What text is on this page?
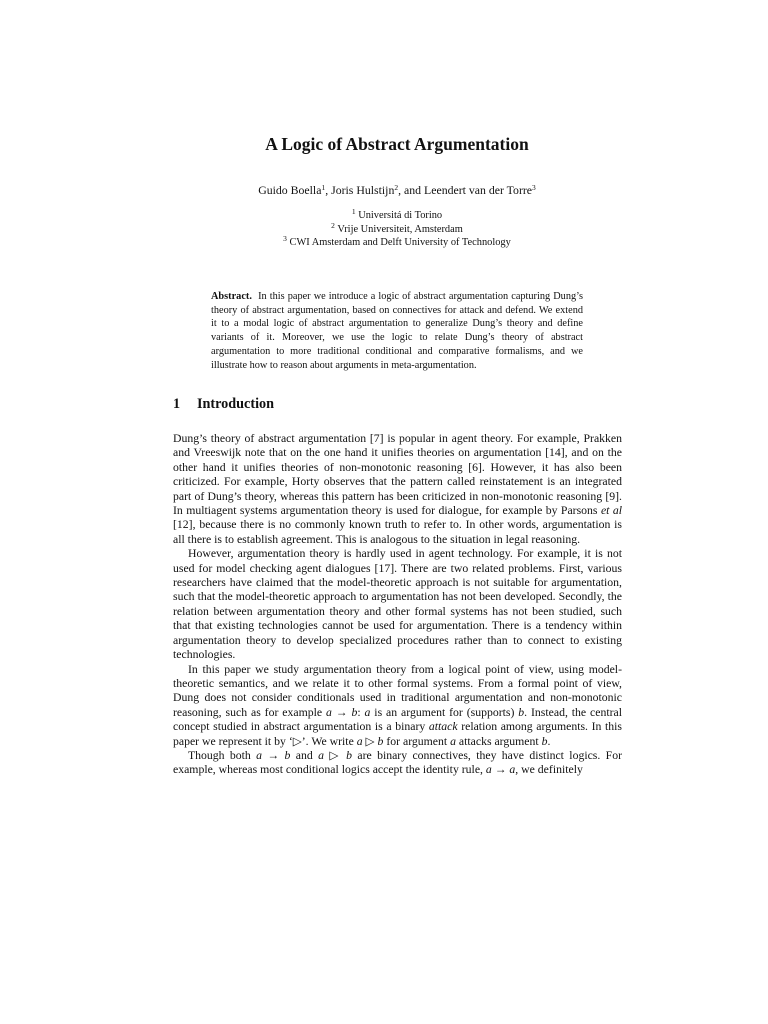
A Logic of Abstract Argumentation

Guido Boella$^1$, Joris Hulstijn$^2$, and Leendert van der Torre$^3$

$^1$ Universitá di Torino

$^2$ Vrije Universiteit, Amsterdam

$^3$ CWI Amsterdam and Delft University of Technology

Abstract. In this paper we introduce a logic of abstract argumentation capturing Dung’s theory of abstract argumentation, based on connectives for attack and defend. We extend it to a modal logic of abstract argumentation to generalize Dung’s theory and define variants of it. Moreover, we use the logic to relate Dung’s theory of abstract argumentation to more traditional conditional and comparative formalisms, and we illustrate how to reason about arguments in meta-argumentation.

1 Introduction

Dung’s theory of abstract argumentation [7] is popular in agent theory. For example, Prakken and Vreeswijk note that on the one hand it unifies theories on argumentation [14], and on the other hand it unifies theories of non-monotonic reasoning [6]. However, it has also been criticized. For example, Horty observes that the pattern called reinstatement is an integrated part of Dung’s theory, whereas this pattern has been criticized in non-monotonic reasoning [9]. In multiagent systems argumentation theory is used for dialogue, for example by Parsons et al [12], because there is no commonly known truth to refer to. In other words, argumentation is all there is to establish agreement. This is analogous to the situation in legal reasoning.

However, argumentation theory is hardly used in agent technology. For example, it is not used for model checking agent dialogues [17]. There are two related problems. First, various researchers have claimed that the model-theoretic approach is not suitable for argumentation, such that the model-theoretic approach to argumentation has not been developed. Secondly, the relation between argumentation theory and other formal systems has not been studied, such that that existing technologies cannot be used for argumentation. There is a tendency within argumentation theory to develop specialized procedures rather than to connect to existing technologies.

In this paper we study argumentation theory from a logical point of view, using model-theoretic semantics, and we relate it to other formal systems. From a formal point of view, Dung does not consider conditionals used in traditional argumentation and non-monotonic reasoning, such as for example a → b: a is an argument for (supports) b. Instead, the central concept studied in abstract argumentation is a binary attack relation among arguments. In this paper we represent it by ‘▷’. We write a ▷ b for argument a attacks argument b.

Though both a → b and a ▷ b are binary connectives, they have distinct logics. For example, whereas most conditional logics accept the identity rule, a → a, we definitely
